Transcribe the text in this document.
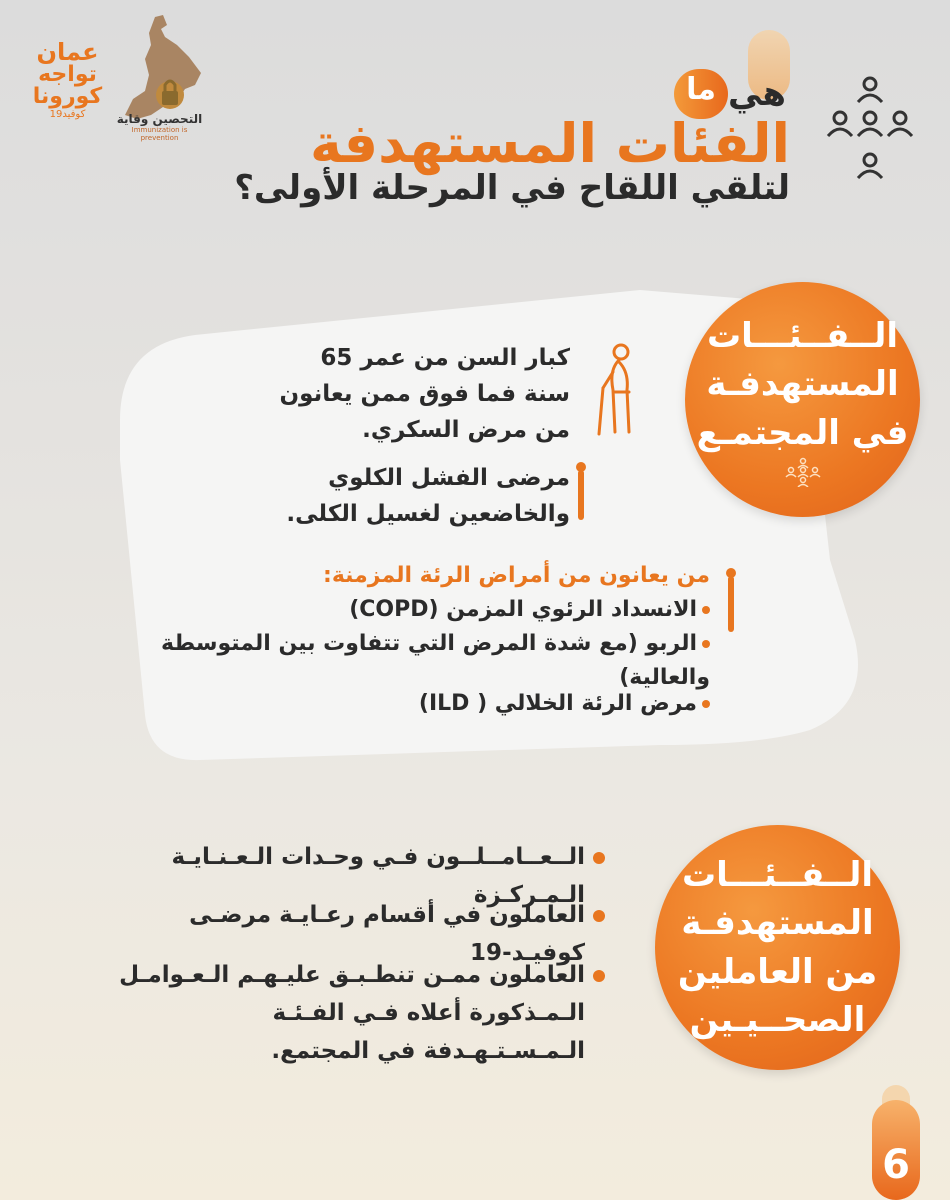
عمان
تواجه
كورونا
كوفيد19	التحصين وقاية
Immunization is prevention
هي
ما
الفئات المستهدفة
لتلقي اللقاح في المرحلة الأولى؟
الــفــئـــات
المستهدفـة
في المجتمـع
كبار السن من عمر 65 سنة فما فوق ممن يعانون من مرض السكري.
مرضى الفشل الكلوي والخاضعين لغسيل الكلى.
من يعانون من أمراض الرئة المزمنة:
الانسداد الرئوي المزمن (COPD)
الربو (مع شدة المرض التي تتفاوت بين المتوسطة والعالية)
مرض الرئة الخلالي ( ILD)
الــفــئـــات
المستهدفـة
من العاملين
الصحــيـين
الــعــامــلــون فـي وحـدات الـعـنـايـة الـمـركـزة
العاملون في أقسام رعـايـة مرضـى كوفيـد-19
العاملون ممـن تنطـبـق عليـهـم الـعـوامـل الـمـذكورة أعلاه فـي الفـئـة الـمـسـتـهـدفة في المجتمع.
6
